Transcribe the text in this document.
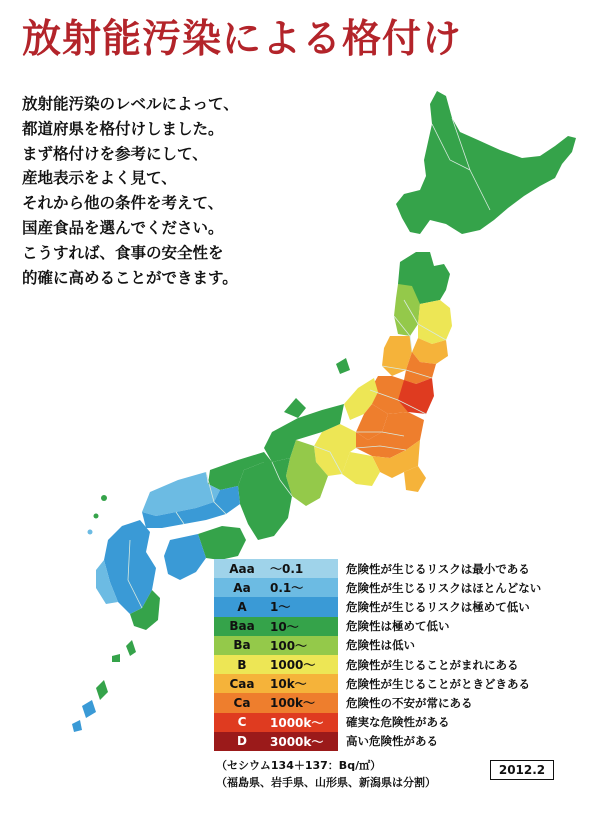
放射能汚染による格付け
放射能汚染のレベルによって、
都道府県を格付けしました。
まず格付けを参考にして、
産地表示をよく見て、
それから他の条件を考えて、
国産食品を選んでください。
こうすれば、食事の安全性を
的確に高めることができます。
Aaa	～0.1	危険性が生じるリスクは最小である
Aa	0.1～	危険性が生じるリスクはほとんどない
A	1～	危険性が生じるリスクは極めて低い
Baa	10～	危険性は極めて低い
Ba	100～	危険性は低い
B	1000～	危険性が生じることがまれにある
Caa	10k～	危険性が生じることがときどきある
Ca	100k～	危険性の不安が常にある
C	1000k～ 確実な危険性がある
D	3000k～ 高い危険性がある
（セシウム134＋137：Bq/㎡）
（福島県、岩手県、山形県、新潟県は分割）
2012.2
